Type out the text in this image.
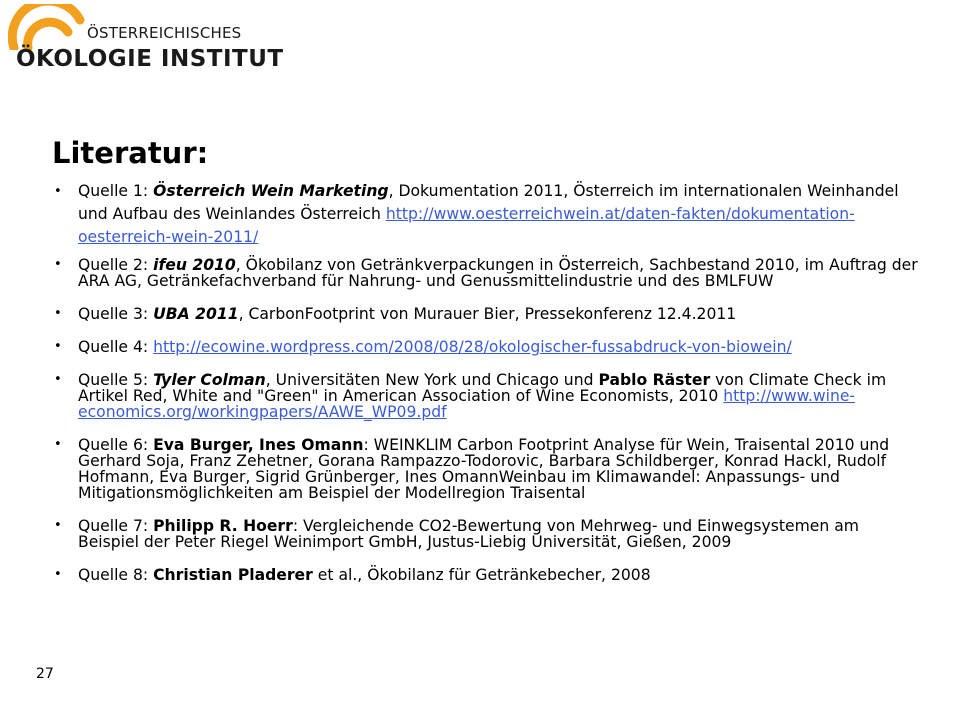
ÖSTERREICHISCHES
ÖKOLOGIE INSTITUT
Literatur:
• Quelle 1: Österreich Wein Marketing, Dokumentation 2011, Österreich im internationalen Weinhandel und Aufbau des Weinlandes Österreich http://www.oesterreichwein.at/daten-fakten/dokumentation-oesterreich-wein-2011/
• Quelle 2: ifeu 2010, Ökobilanz von Getränkverpackungen in Österreich, Sachbestand 2010, im Auftrag der ARA AG, Getränkefachverband für Nahrung- und Genussmittelindustrie und des BMLFUW
• Quelle 3: UBA 2011, CarbonFootprint von Murauer Bier, Pressekonferenz 12.4.2011
• Quelle 4: http://ecowine.wordpress.com/2008/08/28/okologischer-fussabdruck-von-biowein/
• Quelle 5: Tyler Colman, Universitäten New York und Chicago und Pablo Räster von Climate Check im Artikel Red, White and "Green" in American Association of Wine Economists, 2010 http://www.wine-economics.org/workingpapers/AAWE_WP09.pdf
• Quelle 6: Eva Burger, Ines Omann: WEINKLIM Carbon Footprint Analyse für Wein, Traisental 2010 und Gerhard Soja, Franz Zehetner, Gorana Rampazzo-Todorovic, Barbara Schildberger, Konrad Hackl, Rudolf Hofmann, Eva Burger, Sigrid Grünberger, Ines OmannWeinbau im Klimawandel: Anpassungs- und Mitigationsmöglichkeiten am Beispiel der Modellregion Traisental
• Quelle 7: Philipp R. Hoerr: Vergleichende CO2-Bewertung von Mehrweg- und Einwegsystemen am Beispiel der Peter Riegel Weinimport GmbH, Justus-Liebig Universität, Gießen, 2009
• Quelle 8: Christian Pladerer et al., Ökobilanz für Getränkebecher, 2008
27
